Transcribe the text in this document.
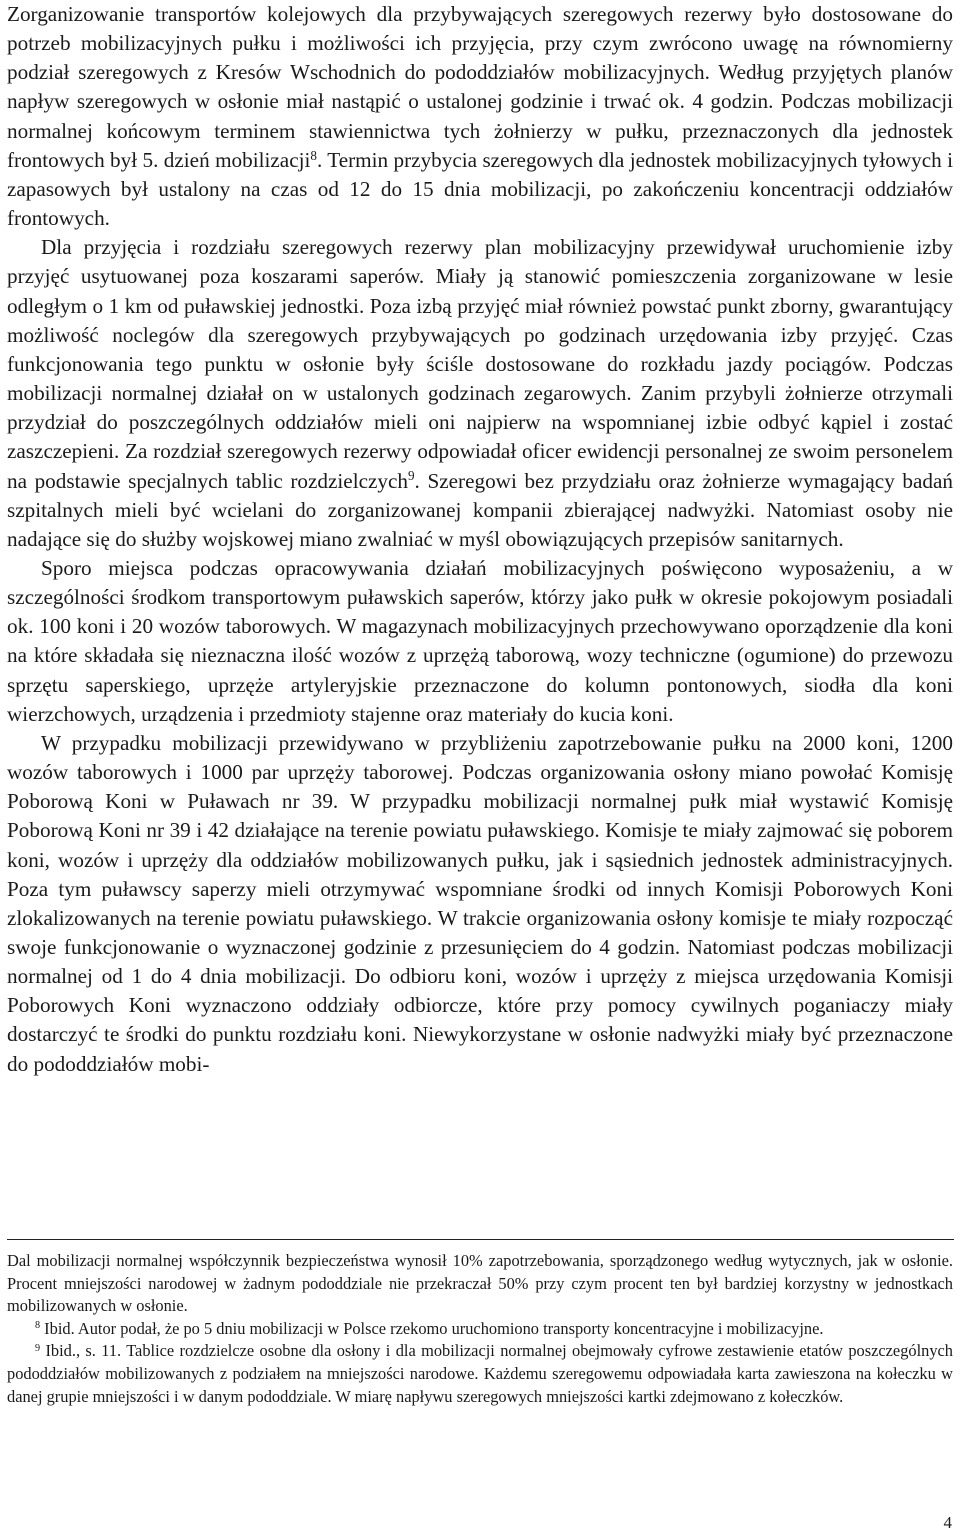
Zorganizowanie transportów kolejowych dla przybywających szeregowych rezerwy było dostosowane do potrzeb mobilizacyjnych pułku i możliwości ich przyjęcia, przy czym zwrócono uwagę na równomierny podział szeregowych z Kresów Wschodnich do pododdziałów mobilizacyjnych. Według przyjętych planów napływ szeregowych w osłonie miał nastąpić o ustalonej godzinie i trwać ok. 4 godzin. Podczas mobilizacji normalnej końcowym terminem stawiennictwa tych żołnierzy w pułku, przeznaczonych dla jednostek frontowych był 5. dzień mobilizacji$^8$. Termin przybycia szeregowych dla jednostek mobilizacyjnych tyłowych i zapasowych był ustalony na czas od 12 do 15 dnia mobilizacji, po zakończeniu koncentracji oddziałów frontowych.

Dla przyjęcia i rozdziału szeregowych rezerwy plan mobilizacyjny przewidywał uruchomienie izby przyjęć usytuowanej poza koszarami saperów. Miały ją stanowić pomieszczenia zorganizowane w lesie odległym o 1 km od puławskiej jednostki. Poza izbą przyjęć miał również powstać punkt zborny, gwarantujący możliwość noclegów dla szeregowych przybywających po godzinach urzędowania izby przyjęć. Czas funkcjonowania tego punktu w osłonie były ściśle dostosowane do rozkładu jazdy pociągów. Podczas mobilizacji normalnej działał on w ustalonych godzinach zegarowych. Zanim przybyli żołnierze otrzymali przydział do poszczególnych oddziałów mieli oni najpierw na wspomnianej izbie odbyć kąpiel i zostać zaszczepieni. Za rozdział szeregowych rezerwy odpowiadał oficer ewidencji personalnej ze swoim personelem na podstawie specjalnych tablic rozdzielczych$^9$. Szeregowi bez przydziału oraz żołnierze wymagający badań szpitalnych mieli być wcielani do zorganizowanej kompanii zbierającej nadwyżki. Natomiast osoby nie nadające się do służby wojskowej miano zwalniać w myśl obowiązujących przepisów sanitarnych.

Sporo miejsca podczas opracowywania działań mobilizacyjnych poświęcono wyposażeniu, a w szczególności środkom transportowym puławskich saperów, którzy jako pułk w okresie pokojowym posiadali ok. 100 koni i 20 wozów taborowych. W magazynach mobilizacyjnych przechowywano oporządzenie dla koni na które składała się nieznaczna ilość wozów z uprzężą taborową, wozy techniczne (ogumione) do przewozu sprzętu saperskiego, uprzęże artyleryjskie przeznaczone do kolumn pontonowych, siodła dla koni wierzchowych, urządzenia i przedmioty stajenne oraz materiały do kucia koni.

W przypadku mobilizacji przewidywano w przybliżeniu zapotrzebowanie pułku na 2000 koni, 1200 wozów taborowych i 1000 par uprzęży taborowej. Podczas organizowania osłony miano powołać Komisję Poborową Koni w Puławach nr 39. W przypadku mobilizacji normalnej pułk miał wystawić Komisję Poborową Koni nr 39 i 42 działające na terenie powiatu puławskiego. Komisje te miały zajmować się poborem koni, wozów i uprzęży dla oddziałów mobilizowanych pułku, jak i sąsiednich jednostek administracyjnych. Poza tym puławscy saperzy mieli otrzymywać wspomniane środki od innych Komisji Poborowych Koni zlokalizowanych na terenie powiatu puławskiego. W trakcie organizowania osłony komisje te miały rozpocząć swoje funkcjonowanie o wyznaczonej godzinie z przesunięciem do 4 godzin. Natomiast podczas mobilizacji normalnej od 1 do 4 dnia mobilizacji. Do odbioru koni, wozów i uprzęży z miejsca urzędowania Komisji Poborowych Koni wyznaczono oddziały odbiorcze, które przy pomocy cywilnych poganiaczy miały dostarczyć te środki do punktu rozdziału koni. Niewykorzystane w osłonie nadwyżki miały być przeznaczone do pododdziałów mobi-

Dal mobilizacji normalnej współczynnik bezpieczeństwa wynosił 10% zapotrzebowania, sporządzonego według wytycznych, jak w osłonie. Procent mniejszości narodowej w żadnym pododdziale nie przekraczał 50% przy czym procent ten był bardziej korzystny w jednostkach mobilizowanych w osłonie.

$^8$ Ibid. Autor podał, że po 5 dniu mobilizacji w Polsce rzekomo uruchomiono transporty koncentracyjne i mobilizacyjne.

$^9$ Ibid., s. 11. Tablice rozdzielcze osobne dla osłony i dla mobilizacji normalnej obejmowały cyfrowe zestawienie etatów poszczególnych pododdziałów mobilizowanych z podziałem na mniejszości narodowe. Każdemu szeregowemu odpowiadała karta zawieszona na kołeczku w danej grupie mniejszości i w danym pododdziale. W miarę napływu szeregowych mniejszości kartki zdejmowano z kołeczków.

4
